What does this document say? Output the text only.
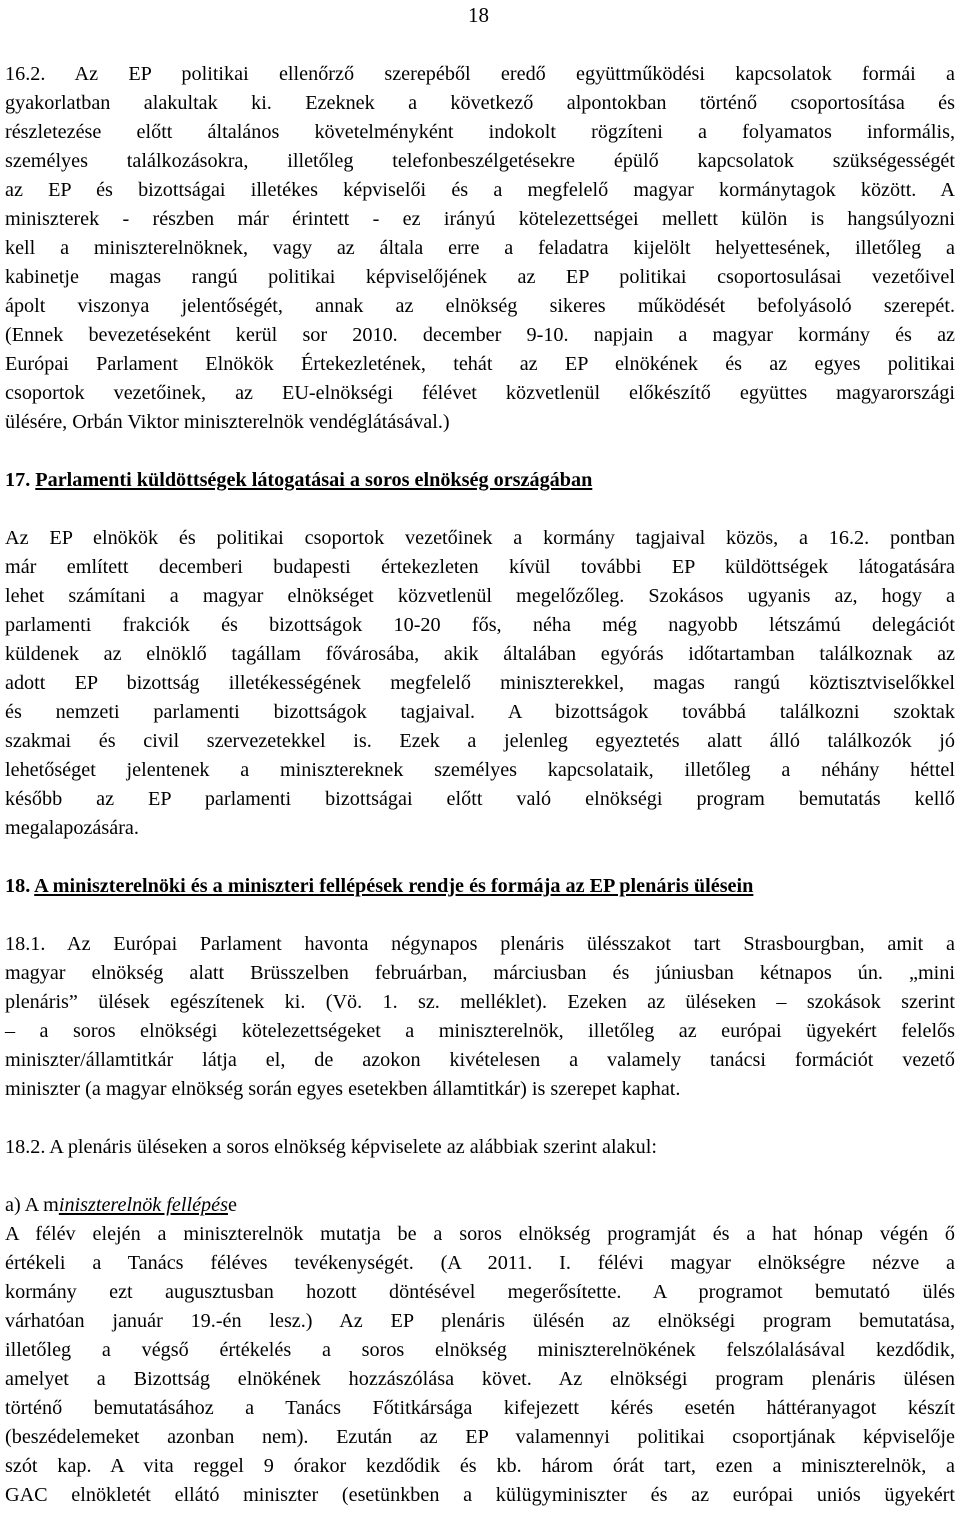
18
16.2. Az EP politikai ellenőrző szerepéből eredő együttműködési kapcsolatok formái a
gyakorlatban alakultak ki. Ezeknek a következő alpontokban történő csoportosítása és
részletezése előtt általános követelményként indokolt rögzíteni a folyamatos informális,
személyes találkozásokra, illetőleg telefonbeszélgetésekre épülő kapcsolatok szükségességét
az EP és bizottságai illetékes képviselői és a megfelelő magyar kormánytagok között. A
miniszterek - részben már érintett - ez irányú kötelezettségei mellett külön is hangsúlyozni
kell a miniszterelnöknek, vagy az általa erre a feladatra kijelölt helyettesének, illetőleg a
kabinetje magas rangú politikai képviselőjének az EP politikai csoportosulásai vezetőivel
ápolt viszonya jelentőségét, annak az elnökség sikeres működését befolyásoló szerepét.
(Ennek bevezetéseként kerül sor 2010. december 9-10. napjain a magyar kormány és az
Európai Parlament Elnökök Értekezletének, tehát az EP elnökének és az egyes politikai
csoportok vezetőinek, az EU-elnökségi félévet közvetlenül előkészítő együttes magyarországi
ülésére, Orbán Viktor miniszterelnök vendéglátásával.)
17. Parlamenti küldöttségek látogatásai a soros elnökség országában
Az EP elnökök és politikai csoportok vezetőinek a kormány tagjaival közös, a 16.2. pontban
már említett decemberi budapesti értekezleten kívül további EP küldöttségek látogatására
lehet számítani a magyar elnökséget közvetlenül megelőzőleg. Szokásos ugyanis az, hogy a
parlamenti frakciók és bizottságok 10-20 fős, néha még nagyobb létszámú delegációt
küldenek az elnöklő tagállam fővárosába, akik általában egyórás időtartamban találkoznak az
adott EP bizottság illetékességének megfelelő miniszterekkel, magas rangú köztisztviselőkkel
és nemzeti parlamenti bizottságok tagjaival. A bizottságok továbbá találkozni szoktak
szakmai és civil szervezetekkel is. Ezek a jelenleg egyeztetés alatt álló találkozók jó
lehetőséget jelentenek a minisztereknek személyes kapcsolataik, illetőleg a néhány héttel
később az EP parlamenti bizottságai előtt való elnökségi program bemutatás kellő
megalapozására.
18. A miniszterelnöki és a miniszteri fellépések rendje és formája az EP plenáris ülésein
18.1. Az Európai Parlament havonta négynapos plenáris ülésszakot tart Strasbourgban, amit a
magyar elnökség alatt Brüsszelben februárban, márciusban és júniusban kétnapos ún. „mini
plenáris” ülések egészítenek ki. (Vö. 1. sz. melléklet). Ezeken az üléseken – szokások szerint
– a soros elnökségi kötelezettségeket a miniszterelnök, illetőleg az európai ügyekért felelős
miniszter/államtitkár látja el, de azokon kivételesen a valamely tanácsi formációt vezető
miniszter (a magyar elnökség során egyes esetekben államtitkár) is szerepet kaphat.
18.2. A plenáris üléseken a soros elnökség képviselete az alábbiak szerint alakul:
a) A miniszterelnök fellépése
A félév elején a miniszterelnök mutatja be a soros elnökség programját és a hat hónap végén ő
értékeli a Tanács féléves tevékenységét. (A 2011. I. félévi magyar elnökségre nézve a
kormány ezt augusztusban hozott döntésével megerősítette. A programot bemutató ülés
várhatóan január 19.-én lesz.) Az EP plenáris ülésén az elnökségi program bemutatása,
illetőleg a végső értékelés a soros elnökség miniszterelnökének felszólalásával kezdődik,
amelyet a Bizottság elnökének hozzászólása követ. Az elnökségi program plenáris ülésen
történő bemutatásához a Tanács Főtitkársága kifejezett kérés esetén háttéranyagot készít
(beszédelemeket azonban nem). Ezután az EP valamennyi politikai csoportjának képviselője
szót kap. A vita reggel 9 órakor kezdődik és kb. három órát tart, ezen a miniszterelnök, a
GAC elnökletét ellátó miniszter (esetünkben a külügyminiszter és az európai uniós ügyekért
